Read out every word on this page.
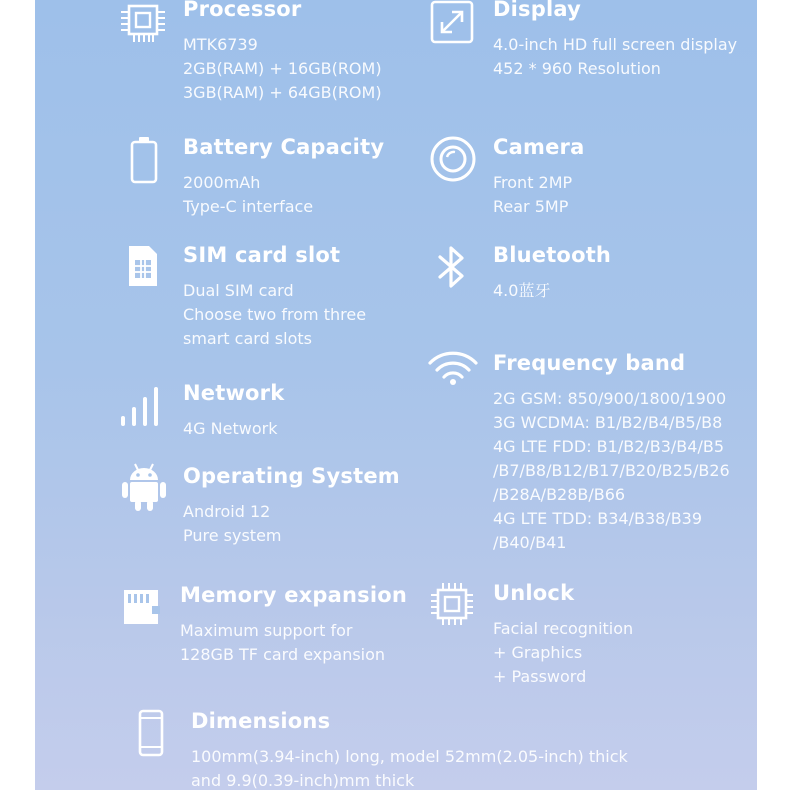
Processor
MTK6739
2GB(RAM) + 16GB(ROM)
3GB(RAM) + 64GB(ROM)
Display
4.0-inch HD full screen display
452 * 960 Resolution
Battery Capacity
2000mAh
Type-C interface
Camera
Front 2MP
Rear 5MP
SIM card slot
Dual SIM card
Choose two from three
smart card slots
Bluetooth
4.0蓝牙
Frequency band
2G GSM: 850/900/1800/1900
3G WCDMA: B1/B2/B4/B5/B8
4G LTE FDD: B1/B2/B3/B4/B5
/B7/B8/B12/B17/B20/B25/B26
/B28A/B28B/B66
4G LTE TDD: B34/B38/B39
/B40/B41
Network
4G Network
Operating System
Android 12
Pure system
Memory expansion
Maximum support for
128GB TF card expansion
Unlock
Facial recognition
+ Graphics
+ Password
Dimensions
100mm(3.94-inch) long, model 52mm(2.05-inch) thick
and 9.9(0.39-inch)mm thick
